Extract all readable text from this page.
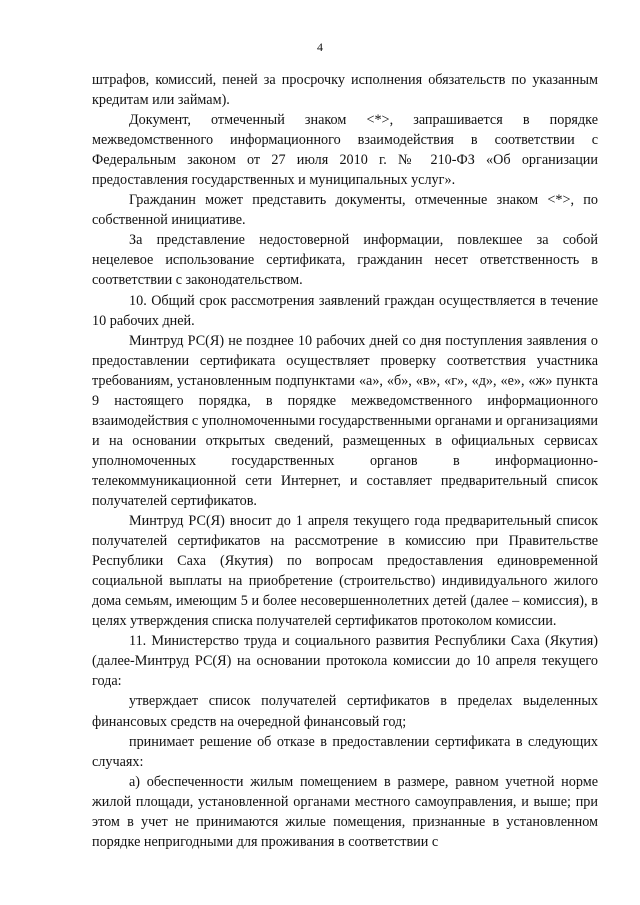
4

штрафов, комиссий, пеней за просрочку исполнения обязательств по указанным кредитам или займам).

Документ, отмеченный знаком <*>, запрашивается в порядке межведомственного информационного взаимодействия в соответствии с Федеральным законом от 27 июля 2010 г. № 210-ФЗ «Об организации предоставления государственных и муниципальных услуг».

Гражданин может представить документы, отмеченные знаком <*>, по собственной инициативе.

За представление недостоверной информации, повлекшее за собой нецелевое использование сертификата, гражданин несет ответственность в соответствии с законодательством.

10. Общий срок рассмотрения заявлений граждан осуществляется в течение 10 рабочих дней.

Минтруд РС(Я) не позднее 10 рабочих дней со дня поступления заявления о предоставлении сертификата осуществляет проверку соответствия участника требованиям, установленным подпунктами «а», «б», «в», «г», «д», «е», «ж» пункта 9 настоящего порядка, в порядке межведомственного информационного взаимодействия с уполномоченными государственными органами и организациями и на основании открытых сведений, размещенных в официальных сервисах уполномоченных государственных органов в информационно-телекоммуникационной сети Интернет, и составляет предварительный список получателей сертификатов.

Минтруд РС(Я) вносит до 1 апреля текущего года предварительный список получателей сертификатов на рассмотрение в комиссию при Правительстве Республики Саха (Якутия) по вопросам предоставления единовременной социальной выплаты на приобретение (строительство) индивидуального жилого дома семьям, имеющим 5 и более несовершеннолетних детей (далее – комиссия), в целях утверждения списка получателей сертификатов протоколом комиссии.

11. Министерство труда и социального развития Республики Саха (Якутия) (далее-Минтруд РС(Я) на основании протокола комиссии до 10 апреля текущего года:

утверждает список получателей сертификатов в пределах выделенных финансовых средств на очередной финансовый год;

принимает решение об отказе в предоставлении сертификата в следующих случаях:

а) обеспеченности жилым помещением в размере, равном учетной норме жилой площади, установленной органами местного самоуправления, и выше; при этом в учет не принимаются жилые помещения, признанные в установленном порядке непригодными для проживания в соответствии с
